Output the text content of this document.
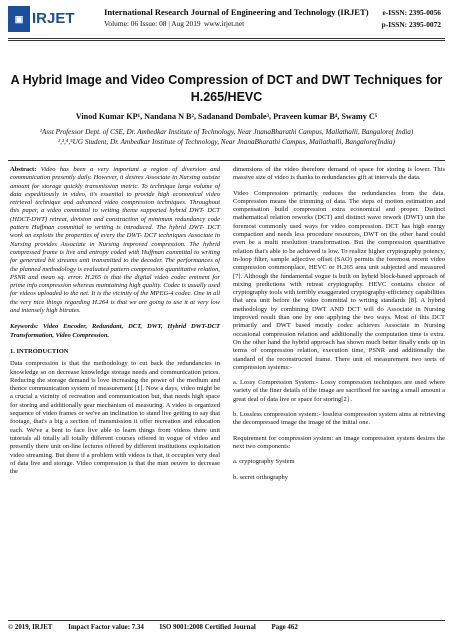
▣ IRJET	International Research Journal of Engineering and Technology (IRJET)
Volume: 06 Issue: 08 | Aug 2019 www.irjet.net
e-ISSN: 2395-0056
p-ISSN: 2395-0072
A Hybrid Image and Video Compression of DCT and DWT Techniques for H.265/HEVC
Vinod Kumar KP¹, Nandana N B², Sadanand Dombale³, Praveen kumar B⁴, Swamy C⁵
¹Asst Professor Dept. of CSE, Dr. Ambedkar Institute of Technology, Near JnanaBharathi Campus, Mallathalli, Bangalore( India)
²,³,⁴,⁵UG Student, Dr. Ambedkar Institute of Technology, Near JnanaBharathi Campus, Mallathalli, Bangalore(India)
Abstract: Video has been a very important a region of diversion and communication presently daily. However, it desires Associate in Nursing outsize amount for storage quickly transmission metric. To technique large volume of data expeditiously in video, it's essential to provide high economical video retrieval technique and advanced video compression techniques. Throughout this paper, a video committal to writing theme supported hybrid DWT- DCT (HDCT-DWT) retreat, division and construction of minimum redundancy code pattern Huffman committal to writing is introduced. The hybrid DWT- DCT work on exploits the properties of every the DWT- DCT techniques Associate in Nursing provides Associate in Nursing improved compression. The hybrid compressed frame is live and entropy coded with Huffman committal to writing for generated bit streams unit transmitted to the decoder. The performances of the planned methodology is evaluated pattern compression quantitative relation, PSNR and mean sq. error. H.265 is that the digital video codec eminent for prime info compression whereas maintaining high quality. Codec is usually used for videos uploaded to the net. It is the vicinity of the MPEG-4 codec. One in all the very nice things regarding H.264 is that we are going to use it at very low and intensely high bitrates.
Keywords: Video Encoder, Redundant, DCT, DWT, Hybrid DWT-DCT Transformation, Video Compression.
1. INTRODUCTION

Data compression is that the methodology to cut back the redundancies in knowledge so on decrease knowledge storage needs and communication prices. Reducing the storage demand is love increasing the power of the medium and thence communication system of measurement [1]. Now a days, video might be a crucial a vicinity of recreation and communication but, that needs high space for storing and additionally gear mechanism of measuring. A video is organized sequence of video frames or we've an inclination to stand live getting to say that footage, that's a big a section of transmission it offer recreation and education each. We've a bent to face live able to learn things from videos there unit tutorials all totally all totally different courses offered in vogue of video and presently there unit on-line lectures offered by different institutions exploitation video streaming. But there if a problem with videos is that, it occupies very deal of data live and storage. Video compression is that the man oeuvre to decrease the

dimensions of the video therefore demand of space for storing is lower. This massive size of video is thanks to redundancies gift at intervals the data.

Video Compression primarily reduces the redundancies from the data. Compression means the trimming of data. The steps of motion estimation and compensation build compression extra economical and proper. Distinct mathematical relation reworks (DCT) and distinct wave rework (DWT) unit the foremost commonly used ways for video compression. DCT has high energy compaction and needs less procedure resources, DWT on the other hand could even be a multi resolution transformation. But the compression quantitative relation that's able to be achieved is low. To realize higher cryptography potency, in-loop filter, sample adjective offset (SAO) permits the foremost recent video compression commonplace, HEVC or H.265 area unit subjected and measured [7]. Although the fundamental vogue is built on hybrid block-based approach of mixing predictions with retreat cryptography. HEVC contains choice of cryptography tools with terribly exaggerated cryptography-efficiency capabilities that area unit before the video committal to writing standards [8]. A hybrid methodology by combining DWT AND DCT will do Associate in Nursing improved result than one by one applying the two ways. Most of this DCT primarily and DWT based mostly codec achieves Associate in Nursing occasional compression relation and additionally the computation time is extra. On the other hand the hybrid approach has shown much better finally ends up in terms of compression relation, execution time, PSNR and additionally the standard of the reconstructed frame. There unit of measurement two sorts of compression systems:-

a. Lossy Compression System:- Lossy compression techniques are used where variety of the finer details of the image are sacrificed for saving a small amount a great deal of data live or space for storing[2] .

b. Lossless compression system:- lossless compression system aims at retrieving the decompressed image the image of the initial one.

Requirement for compression system: an image compression system desires the next two components:

a. cryptography System

b. secret orthography

© 2019, IRJET Impact Factor value: 7.34 ISO 9001:2008 Certified Journal Page 462
